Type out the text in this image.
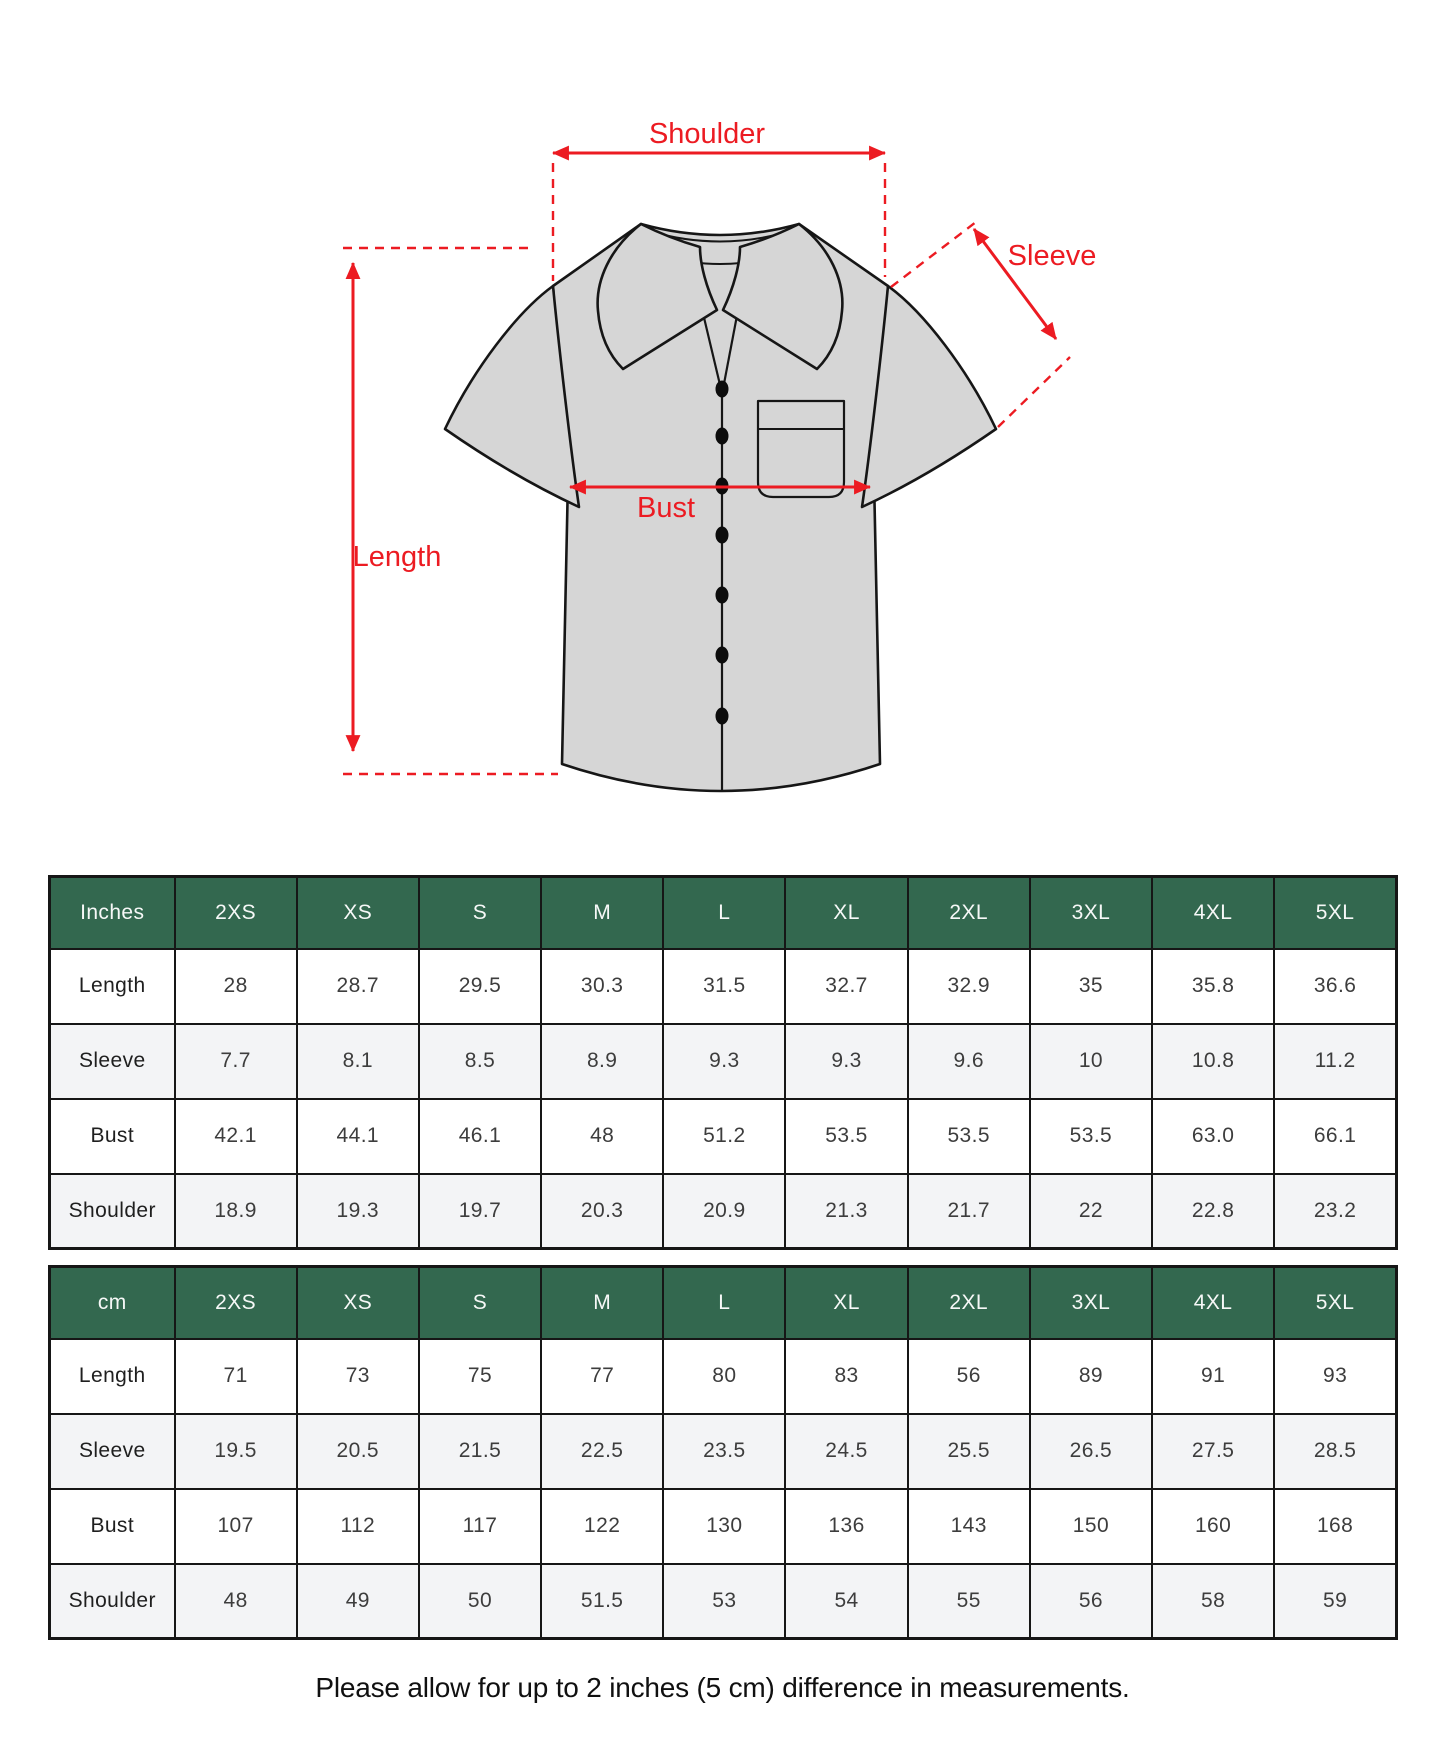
Shoulder
Sleeve
Length
Bust
Inches	2XS	XS	S	M	L	XL	2XL	3XL	4XL	5XL
Length	28	28.7	29.5	30.3	31.5	32.7	32.9	35	35.8	36.6
Sleeve	7.7	8.1	8.5	8.9	9.3	9.3	9.6	10	10.8	11.2
Bust	42.1	44.1	46.1	48	51.2	53.5	53.5	53.5	63.0	66.1
Shoulder	18.9	19.3	19.7	20.3	20.9	21.3	21.7	22	22.8	23.2
cm	2XS	XS	S	M	L	XL	2XL	3XL	4XL	5XL
Length	71	73	75	77	80	83	56	89	91	93
Sleeve	19.5	20.5	21.5	22.5	23.5	24.5	25.5	26.5	27.5	28.5
Bust	107	112	117	122	130	136	143	150	160	168
Shoulder	48	49	50	51.5	53	54	55	56	58	59
Please allow for up to 2 inches (5 cm) difference in measurements.
